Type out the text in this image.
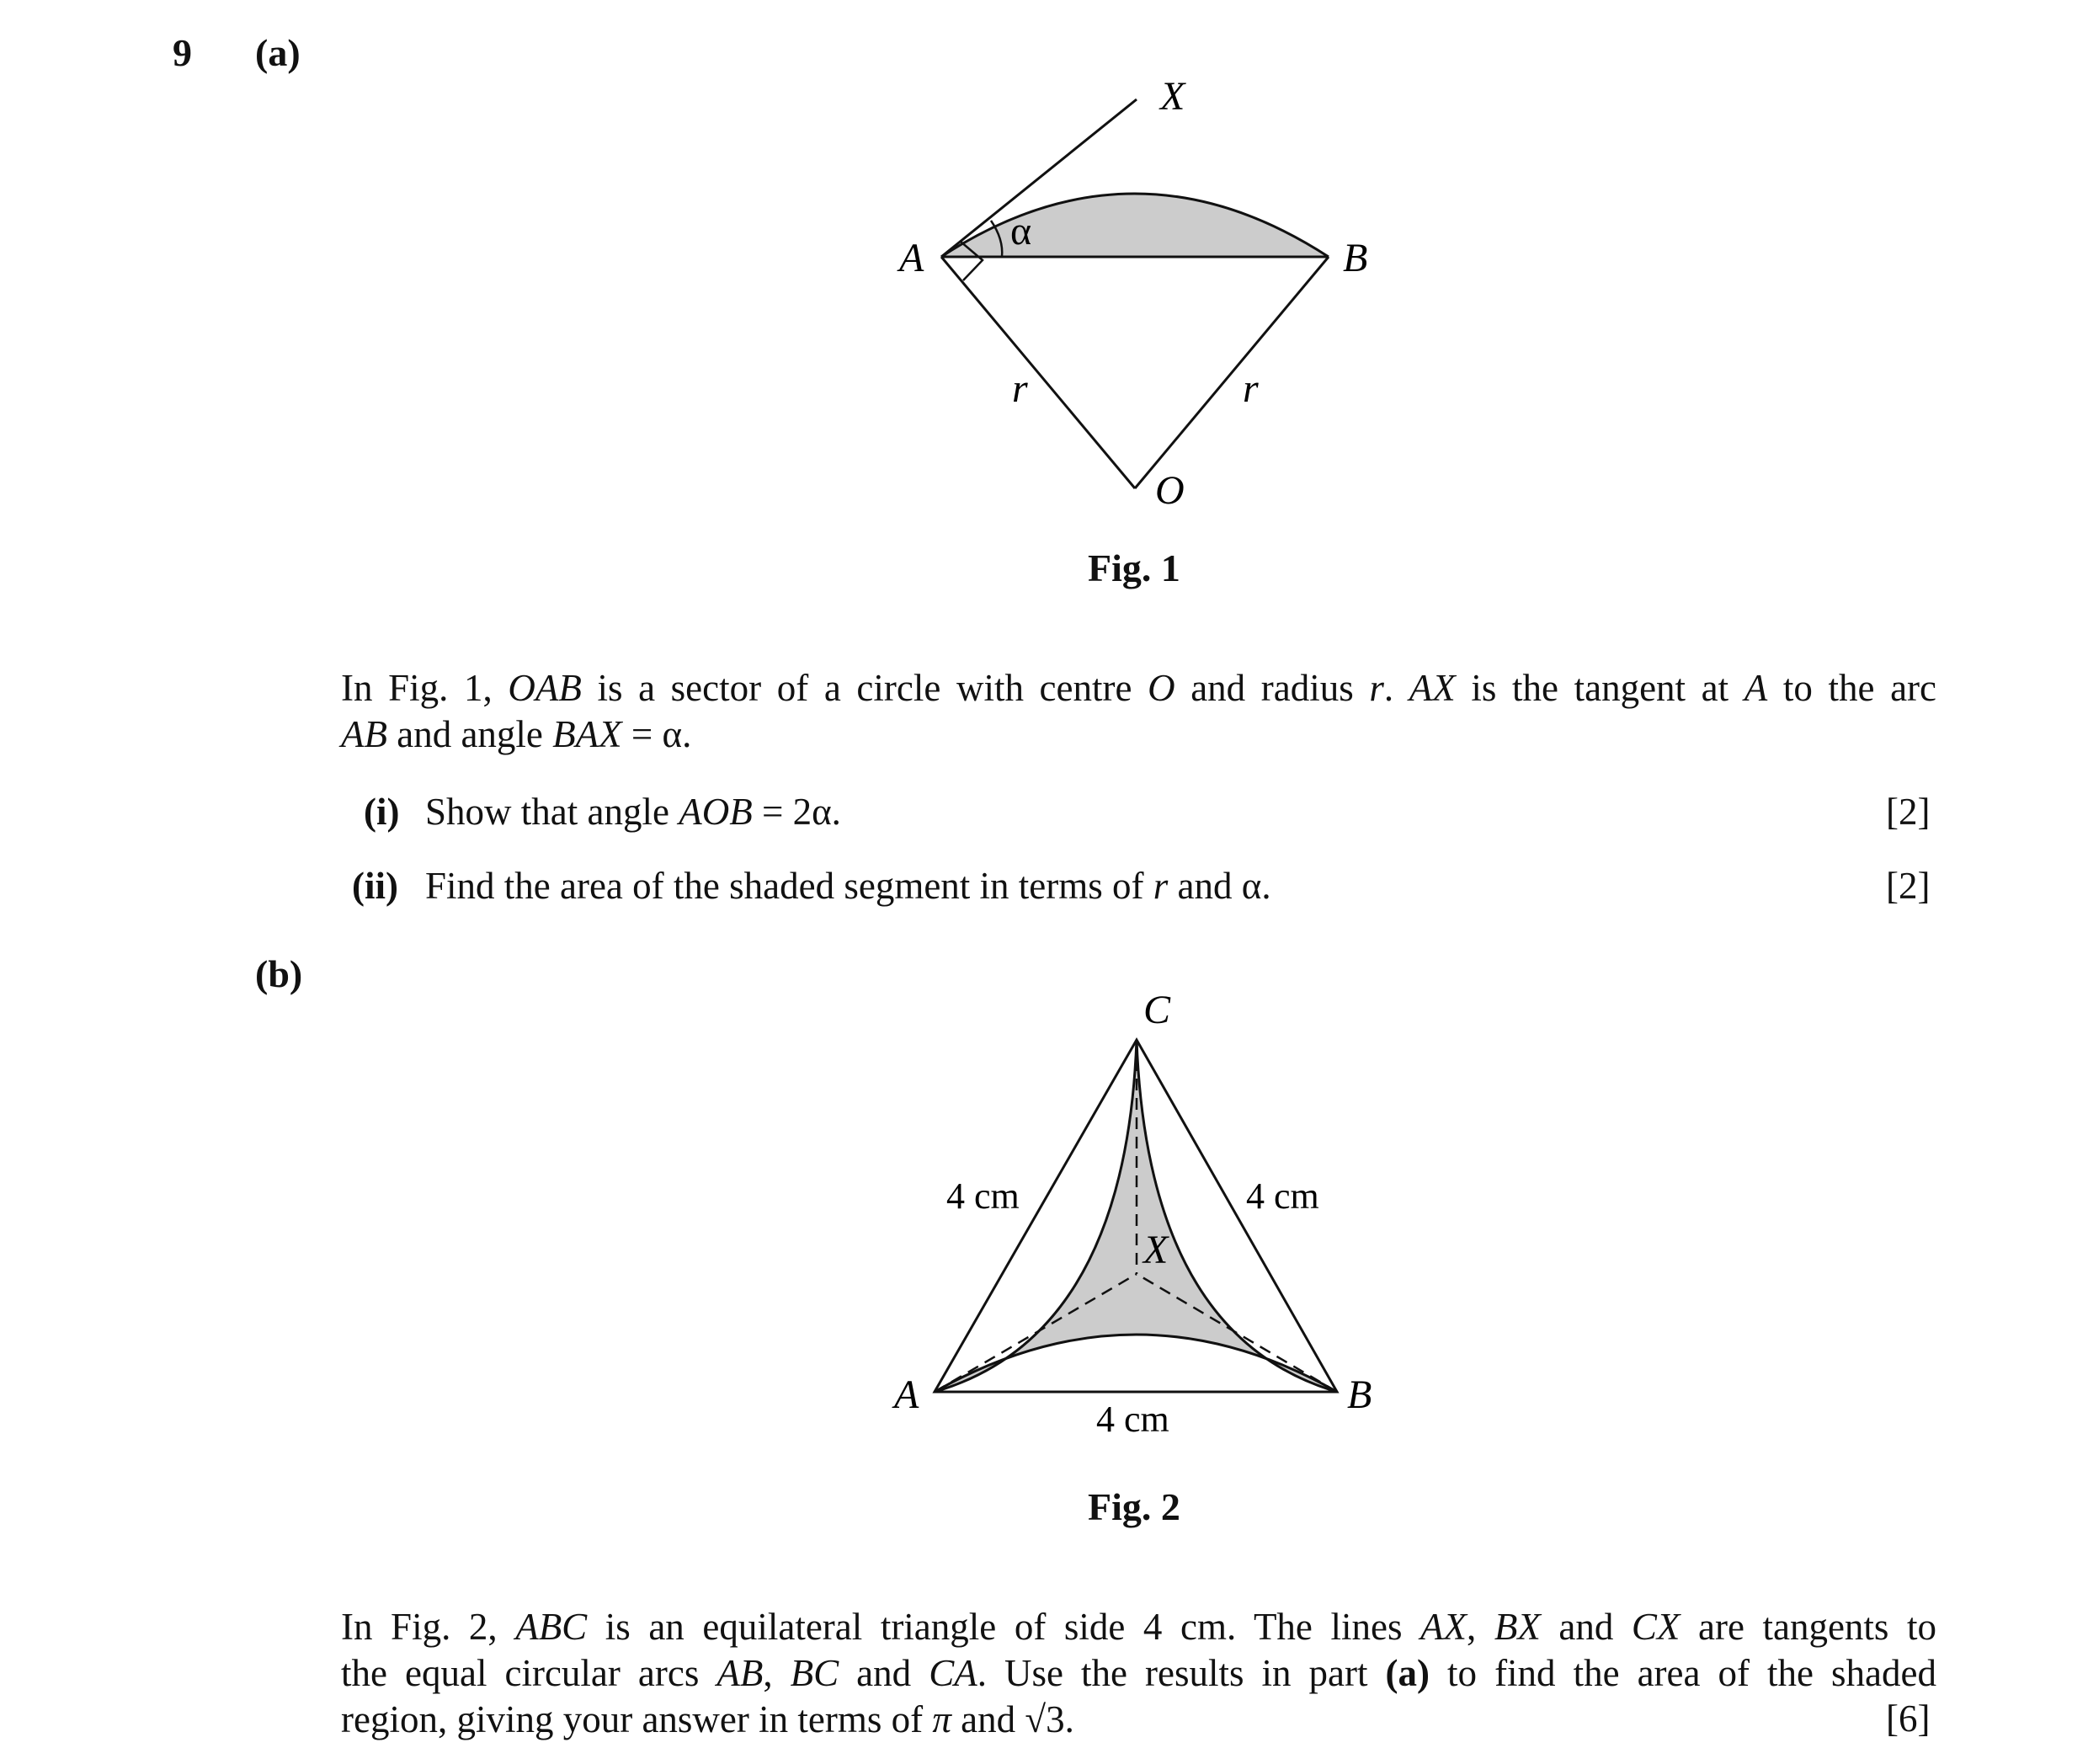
9 (a)
X
A	B
O
α
r	r
Fig. 1
In Fig. 1, OAB is a sector of a circle with centre O and radius r. AX is the tangent at A to the arc
AB and angle BAX = α.
(i) Show that angle AOB = 2α.	[2]
(ii) Find the area of the shaded segment in terms of r and α.	[2]
(b)
C
A	B
X
4 cm	4 cm
4 cm
Fig. 2
In Fig. 2, ABC is an equilateral triangle of side 4 cm. The lines AX, BX and CX are tangents to
the equal circular arcs AB, BC and CA. Use the results in part (a) to find the area of the shaded
region, giving your answer in terms of π and √3.	[6]
